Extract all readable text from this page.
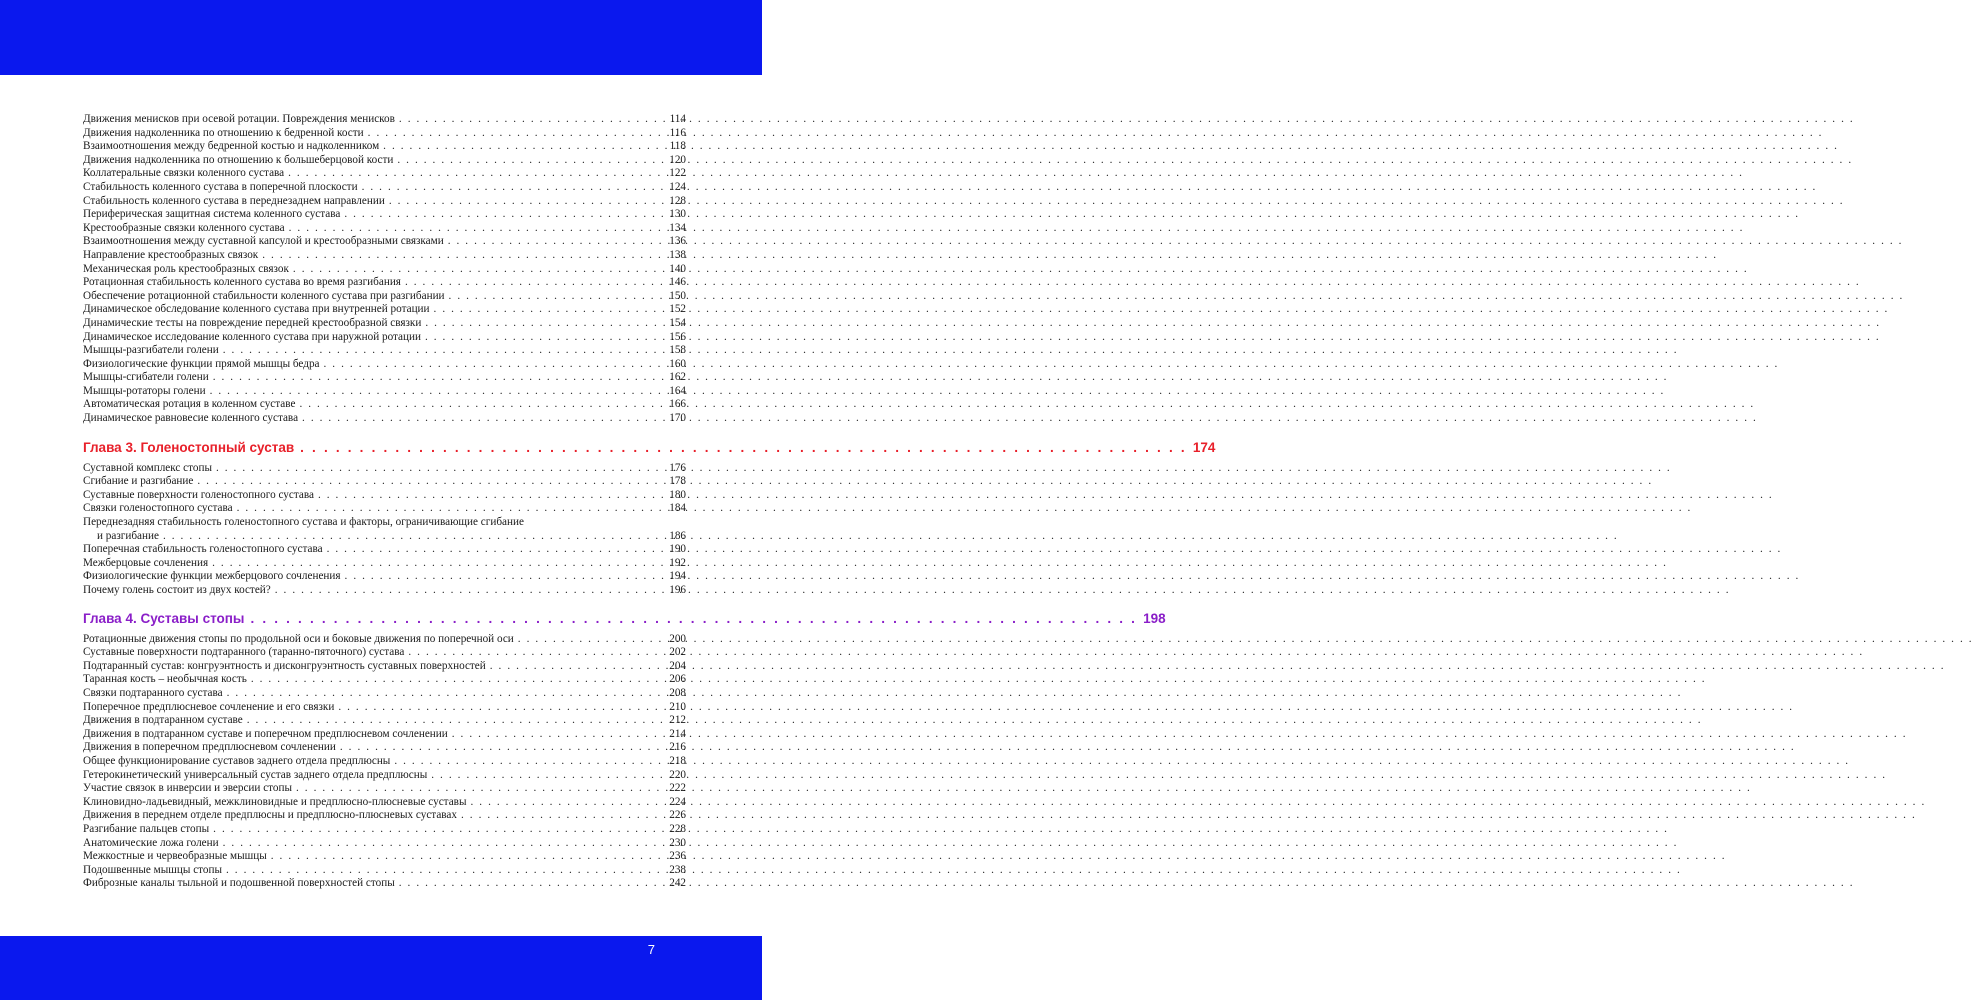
Движения менисков при осевой ротации. Повреждения менисков . . .	114
Движения надколенника по отношению к бедренной кости . . .	116
Взаимоотношения между бедренной костью и надколенником . . .	118
Движения надколенника по отношению к большеберцовой кости . . .	120
Коллатеральные связки коленного сустава . . .	122
Стабильность коленного сустава в поперечной плоскости . . .	124
Стабильность коленного сустава в переднезаднем направлении . . .	128
Периферическая защитная система коленного сустава . . .	130
Крестообразные связки коленного сустава . . .	134
Взаимоотношения между суставной капсулой и крестообразными связками . . .	136
Направление крестообразных связок . . .	138
Механическая роль крестообразных связок . . .	140
Ротационная стабильность коленного сустава во время разгибания . . .	146
Обеспечение ротационной стабильности коленного сустава при разгибании . . .	150
Динамическое обследование коленного сустава при внутренней ротации . . .	152
Динамические тесты на повреждение передней крестообразной связки . . .	154
Динамическое исследование коленного сустава при наружной ротации . . .	156
Мышцы-разгибатели голени . . .	158
Физиологические функции прямой мышцы бедра . . .	160
Мышцы-сгибатели голени . . .	162
Мышцы-ротаторы голени . . .	164
Автоматическая ротация в коленном суставе . . .	166
Динамическое равновесие коленного сустава . . .	170
Глава 3. Голеностопный сустав . . .	174
Суставной комплекс стопы . . .	176
Сгибание и разгибание . . .	178
Суставные поверхности голеностопного сустава . . .	180
Связки голеностопного сустава . . .	184
Переднезадняя стабильность голеностопного сустава и факторы, ограничивающие сгибание
и разгибание . . .	186
Поперечная стабильность голеностопного сустава . . .	190
Межберцовые сочленения . . .	192
Физиологические функции межберцового сочленения . . .	194
Почему голень состоит из двух костей? . . .	196
Глава 4. Суставы стопы . . .	198
Ротационные движения стопы по продольной оси и боковые движения по поперечной оси . . .	200
Суставные поверхности подтаранного (таранно-пяточного) сустава . . .	202
Подтаранный сустав: конгруэнтность и дисконгруэнтность суставных поверхностей . . .	204
Таранная кость – необычная кость . . .	206
Связки подтаранного сустава . . .	208
Поперечное предплюсневое сочленение и его связки . . .	210
Движения в подтаранном суставе . . .	212
Движения в подтаранном суставе и поперечном предплюсневом сочленении . . .	214
Движения в поперечном предплюсневом сочленении . . .	216
Общее функционирование суставов заднего отдела предплюсны . . .	218
Гетерокинетический универсальный сустав заднего отдела предплюсны . . .	220
Участие связок в инверсии и эверсии стопы . . .	222
Клиновидно-ладьевидный, межклиновидные и предплюсно-плюсневые суставы . . .	224
Движения в переднем отделе предплюсны и предплюсно-плюсневых суставах . . .	226
Разгибание пальцев стопы . . .	228
Анатомические ложа голени . . .	230
Межкостные и червеобразные мышцы . . .	236
Подошвенные мышцы стопы . . .	238
Фиброзные каналы тыльной и подошвенной поверхностей стопы . . .	242
7
